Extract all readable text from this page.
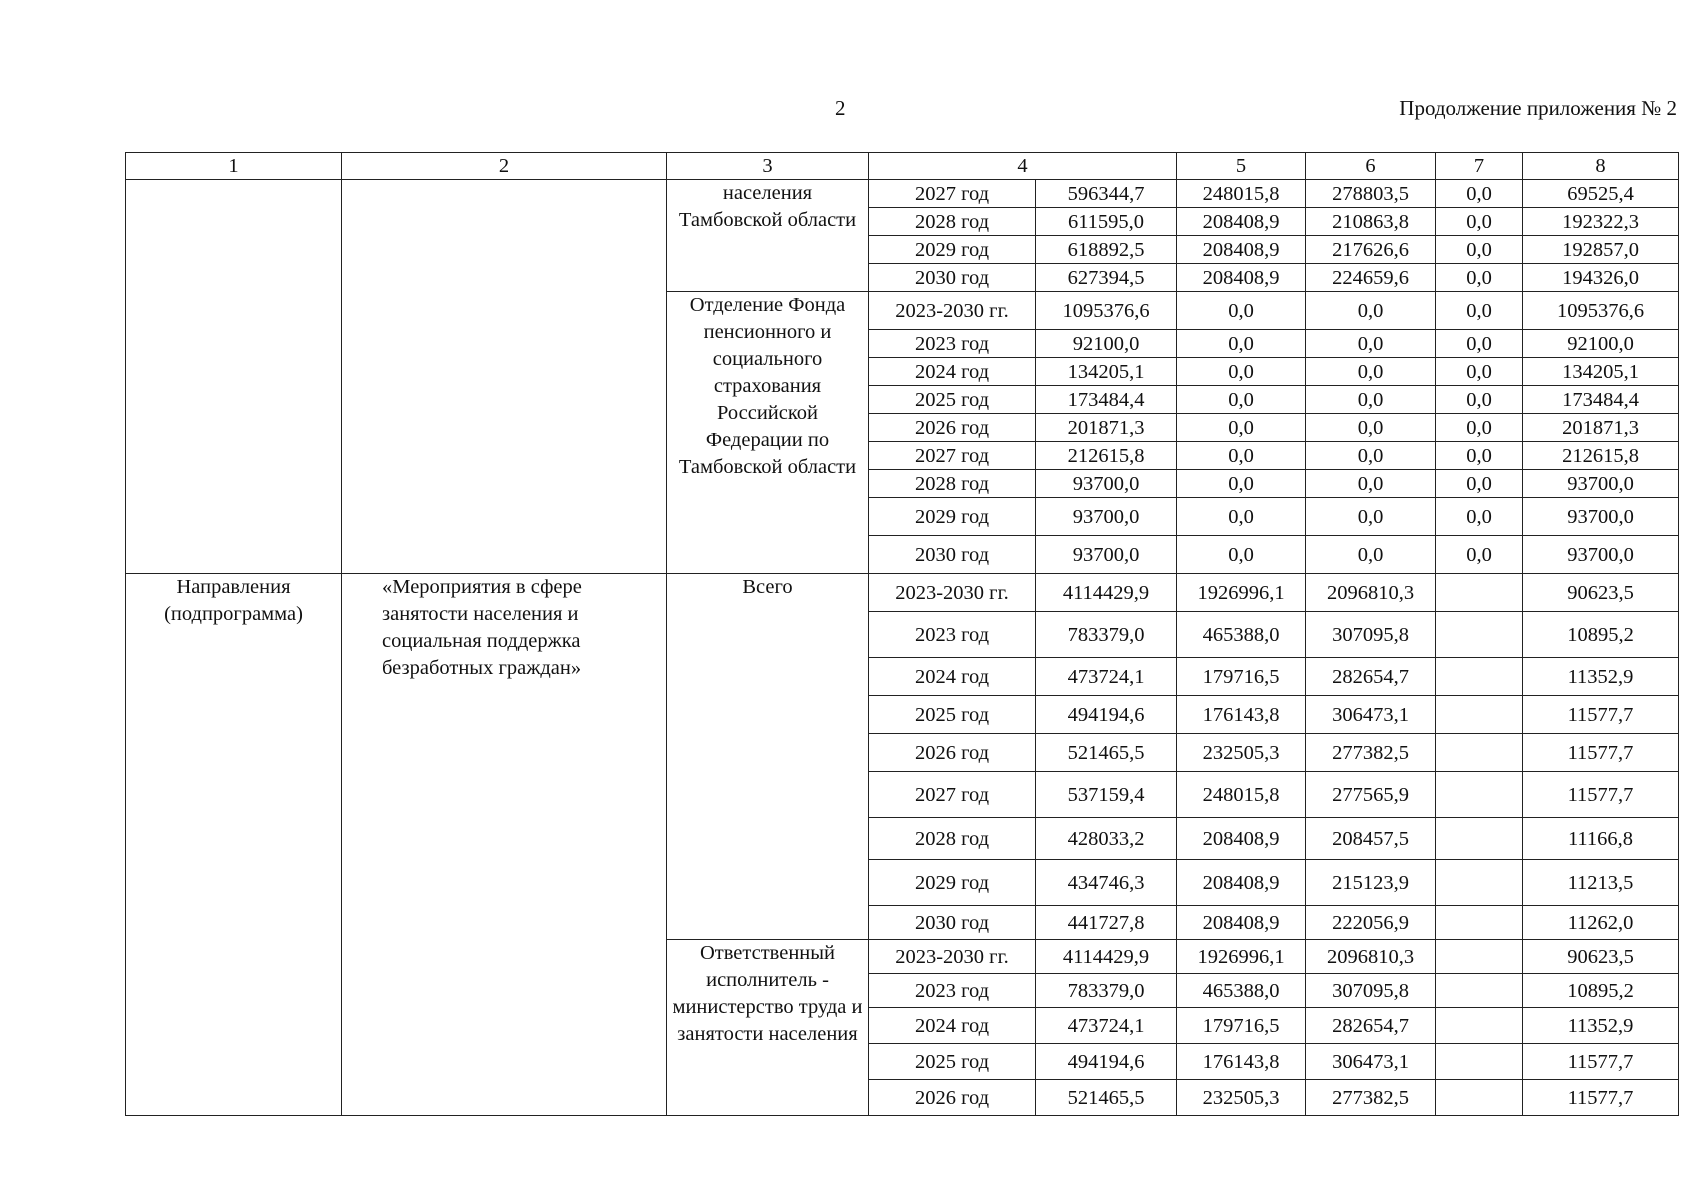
2	Продолжение приложения № 2
1	2	3	4		5	6	7	8
		населения Тамбовской области	2027 год	596344,7	248015,8	278803,5	0,0	69525,4
			2028 год	611595,0	208408,9	210863,8	0,0	192322,3
			2029 год	618892,5	208408,9	217626,6	0,0	192857,0
			2030 год	627394,5	208408,9	224659,6	0,0	194326,0
		Отделение Фонда пенсионного и социального страхования Российской Федерации по Тамбовской области	2023-2030 гг.	1095376,6	0,0	0,0	0,0	1095376,6
			2023 год	92100,0	0,0	0,0	0,0	92100,0
			2024 год	134205,1	0,0	0,0	0,0	134205,1
			2025 год	173484,4	0,0	0,0	0,0	173484,4
			2026 год	201871,3	0,0	0,0	0,0	201871,3
			2027 год	212615,8	0,0	0,0	0,0	212615,8
			2028 год	93700,0	0,0	0,0	0,0	93700,0
			2029 год	93700,0	0,0	0,0	0,0	93700,0
			2030 год	93700,0	0,0	0,0	0,0	93700,0
Направления (подпрограмма)	«Мероприятия в сфере занятости населения и социальная поддержка безработных граждан»	Всего	2023-2030 гг.	4114429,9	1926996,1	2096810,3		90623,5
			2023 год	783379,0	465388,0	307095,8		10895,2
			2024 год	473724,1	179716,5	282654,7		11352,9
			2025 год	494194,6	176143,8	306473,1		11577,7
			2026 год	521465,5	232505,3	277382,5		11577,7
			2027 год	537159,4	248015,8	277565,9		11577,7
			2028 год	428033,2	208408,9	208457,5		11166,8
			2029 год	434746,3	208408,9	215123,9		11213,5
			2030 год	441727,8	208408,9	222056,9		11262,0
		Ответственный исполнитель - министерство труда и занятости населения	2023-2030 гг.	4114429,9	1926996,1	2096810,3		90623,5
			2023 год	783379,0	465388,0	307095,8		10895,2
			2024 год	473724,1	179716,5	282654,7		11352,9
			2025 год	494194,6	176143,8	306473,1		11577,7
			2026 год	521465,5	232505,3	277382,5		11577,7
